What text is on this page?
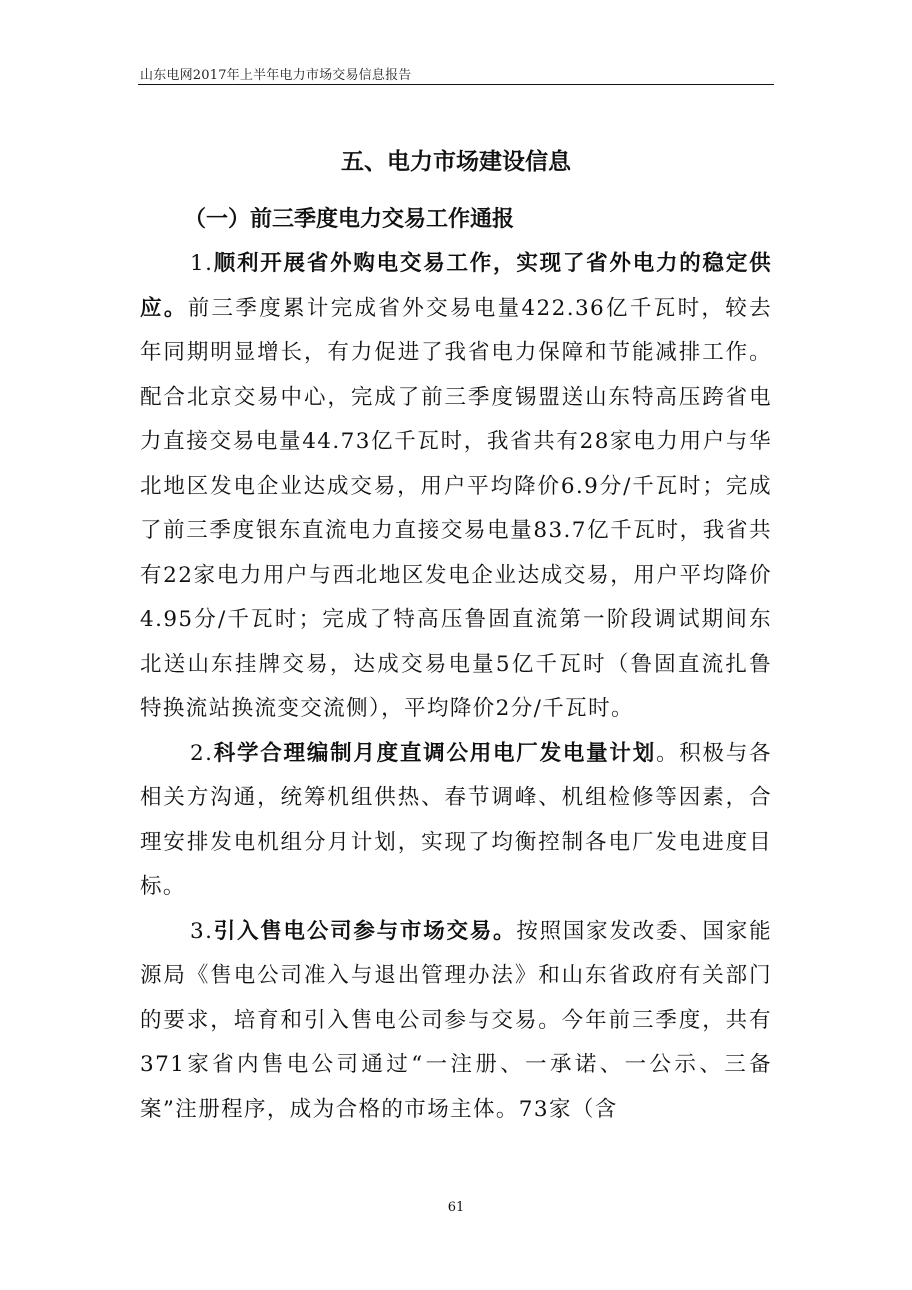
山东电网2017年上半年电力市场交易信息报告
五、电力市场建设信息
（一）前三季度电力交易工作通报

1.顺利开展省外购电交易工作，实现了省外电力的稳定供应。前三季度累计完成省外交易电量422.36亿千瓦时，较去年同期明显增长，有力促进了我省电力保障和节能减排工作。配合北京交易中心，完成了前三季度锡盟送山东特高压跨省电力直接交易电量44.73亿千瓦时，我省共有28家电力用户与华北地区发电企业达成交易，用户平均降价6.9分/千瓦时；完成了前三季度银东直流电力直接交易电量83.7亿千瓦时，我省共有22家电力用户与西北地区发电企业达成交易，用户平均降价4.95分/千瓦时；完成了特高压鲁固直流第一阶段调试期间东北送山东挂牌交易，达成交易电量5亿千瓦时（鲁固直流扎鲁特换流站换流变交流侧），平均降价2分/千瓦时。

2.科学合理编制月度直调公用电厂发电量计划。积极与各相关方沟通，统筹机组供热、春节调峰、机组检修等因素，合理安排发电机组分月计划，实现了均衡控制各电厂发电进度目标。

3.引入售电公司参与市场交易。按照国家发改委、国家能源局《售电公司准入与退出管理办法》和山东省政府有关部门的要求，培育和引入售电公司参与交易。今年前三季度，共有371家省内售电公司通过“一注册、一承诺、一公示、三备案”注册程序，成为合格的市场主体。73家（含

61
